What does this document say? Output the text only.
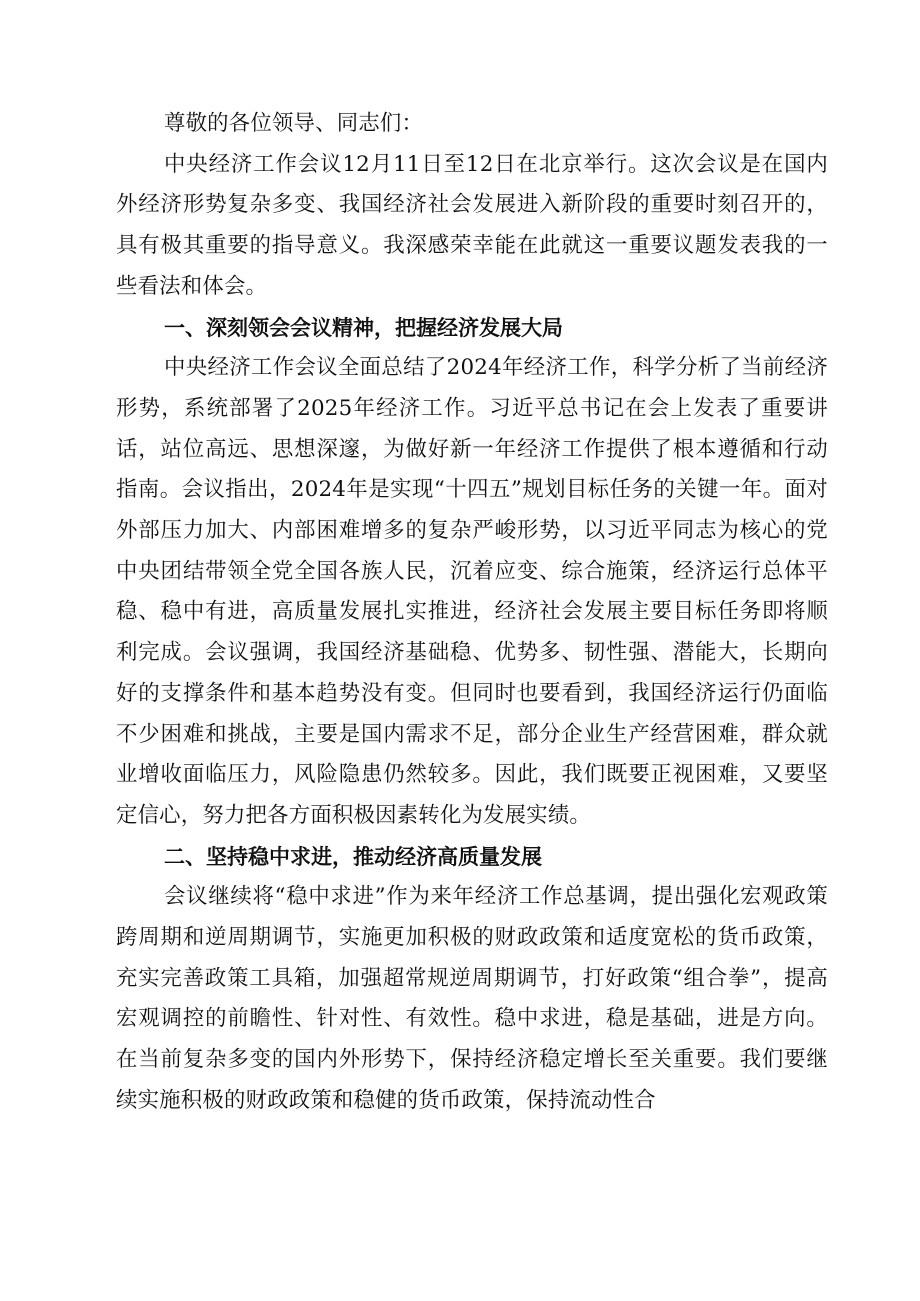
尊敬的各位领导、同志们：

中央经济工作会议12月11日至12日在北京举行。这次会议是在国内外经济形势复杂多变、我国经济社会发展进入新阶段的重要时刻召开的，具有极其重要的指导意义。我深感荣幸能在此就这一重要议题发表我的一些看法和体会。

一、深刻领会会议精神，把握经济发展大局

中央经济工作会议全面总结了2024年经济工作，科学分析了当前经济形势，系统部署了2025年经济工作。习近平总书记在会上发表了重要讲话，站位高远、思想深邃，为做好新一年经济工作提供了根本遵循和行动指南。会议指出，2024年是实现“十四五”规划目标任务的关键一年。面对外部压力加大、内部困难增多的复杂严峻形势，以习近平同志为核心的党中央团结带领全党全国各族人民，沉着应变、综合施策，经济运行总体平稳、稳中有进，高质量发展扎实推进，经济社会发展主要目标任务即将顺利完成。会议强调，我国经济基础稳、优势多、韧性强、潜能大，长期向好的支撑条件和基本趋势没有变。但同时也要看到，我国经济运行仍面临不少困难和挑战，主要是国内需求不足，部分企业生产经营困难，群众就业增收面临压力，风险隐患仍然较多。因此，我们既要正视困难，又要坚定信心，努力把各方面积极因素转化为发展实绩。

二、坚持稳中求进，推动经济高质量发展

会议继续将“稳中求进”作为来年经济工作总基调，提出强化宏观政策跨周期和逆周期调节，实施更加积极的财政政策和适度宽松的货币政策，充实完善政策工具箱，加强超常规逆周期调节，打好政策“组合拳”，提高宏观调控的前瞻性、针对性、有效性。稳中求进，稳是基础，进是方向。在当前复杂多变的国内外形势下，保持经济稳定增长至关重要。我们要继续实施积极的财政政策和稳健的货币政策，保持流动性合
